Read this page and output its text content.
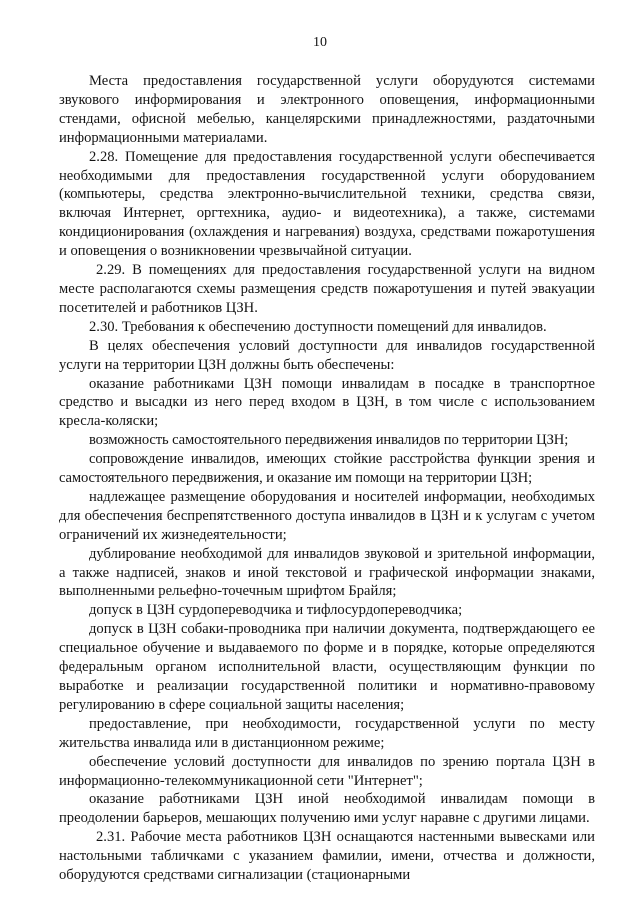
10

Места предоставления государственной услуги оборудуются системами звукового информирования и электронного оповещения, информационными стендами, офисной мебелью, канцелярскими принадлежностями, раздаточными информационными материалами.

2.28. Помещение для предоставления государственной услуги обеспечивается необходимыми для предоставления государственной услуги оборудованием (компьютеры, средства электронно-вычислительной техники, средства связи, включая Интернет, оргтехника, аудио- и видеотехника), а также, системами кондиционирования (охлаждения и нагревания) воздуха, средствами пожаротушения и оповещения о возникновении чрезвычайной ситуации.

2.29. В помещениях для предоставления государственной услуги на видном месте располагаются схемы размещения средств пожаротушения и путей эвакуации посетителей и работников ЦЗН.

2.30. Требования к обеспечению доступности помещений для инвалидов.

В целях обеспечения условий доступности для инвалидов государственной услуги на территории ЦЗН должны быть обеспечены:

оказание работниками ЦЗН помощи инвалидам в посадке в транспортное средство и высадки из него перед входом в ЦЗН, в том числе с использованием кресла-коляски;

возможность самостоятельного передвижения инвалидов по территории ЦЗН;

сопровождение инвалидов, имеющих стойкие расстройства функции зрения и самостоятельного передвижения, и оказание им помощи на территории ЦЗН;

надлежащее размещение оборудования и носителей информации, необходимых для обеспечения беспрепятственного доступа инвалидов в ЦЗН и к услугам с учетом ограничений их жизнедеятельности;

дублирование необходимой для инвалидов звуковой и зрительной информации, а также надписей, знаков и иной текстовой и графической информации знаками, выполненными рельефно-точечным шрифтом Брайля;

допуск в ЦЗН сурдопереводчика и тифлосурдопереводчика;

допуск в ЦЗН собаки-проводника при наличии документа, подтверждающего ее специальное обучение и выдаваемого по форме и в порядке, которые определяются федеральным органом исполнительной власти, осуществляющим функции по выработке и реализации государственной политики и нормативно-правовому регулированию в сфере социальной защиты населения;

предоставление, при необходимости, государственной услуги по месту жительства инвалида или в дистанционном режиме;

обеспечение условий доступности для инвалидов по зрению портала ЦЗН в информационно-телекоммуникационной сети "Интернет";

оказание работниками ЦЗН иной необходимой инвалидам помощи в преодолении барьеров, мешающих получению ими услуг наравне с другими лицами.

2.31. Рабочие места работников ЦЗН оснащаются настенными вывесками или настольными табличками с указанием фамилии, имени, отчества и должности, оборудуются средствами сигнализации (стационарными
